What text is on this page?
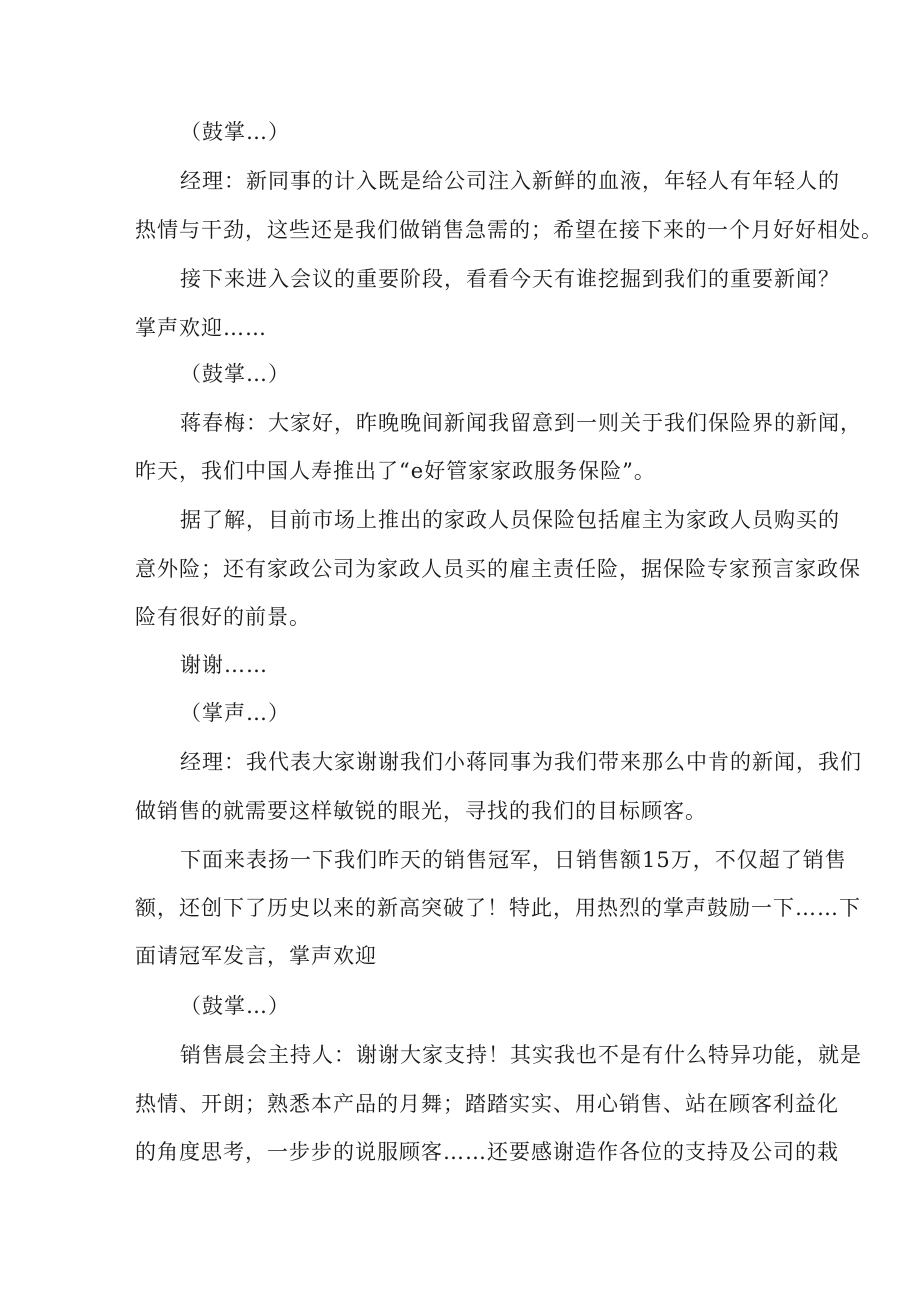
（鼓掌…）
经理：新同事的计入既是给公司注入新鲜的血液，年轻人有年轻人的
热情与干劲，这些还是我们做销售急需的；希望在接下来的一个月好好相处。
接下来进入会议的重要阶段，看看今天有谁挖掘到我们的重要新闻？
掌声欢迎……
（鼓掌…）
蒋春梅：大家好，昨晚晚间新闻我留意到一则关于我们保险界的新闻，
昨天，我们中国人寿推出了“e好管家家政服务保险”。
据了解，目前市场上推出的家政人员保险包括雇主为家政人员购买的
意外险；还有家政公司为家政人员买的雇主责任险，据保险专家预言家政保
险有很好的前景。
谢谢……
（掌声…）
经理：我代表大家谢谢我们小蒋同事为我们带来那么中肯的新闻，我们
做销售的就需要这样敏锐的眼光，寻找的我们的目标顾客。
下面来表扬一下我们昨天的销售冠军，日销售额15万，不仅超了销售
额，还创下了历史以来的新高突破了！特此，用热烈的掌声鼓励一下……下
面请冠军发言，掌声欢迎
（鼓掌…）
销售晨会主持人：谢谢大家支持！其实我也不是有什么特异功能，就是
热情、开朗；熟悉本产品的月舞；踏踏实实、用心销售、站在顾客利益化
的角度思考，一步步的说服顾客……还要感谢造作各位的支持及公司的栽
